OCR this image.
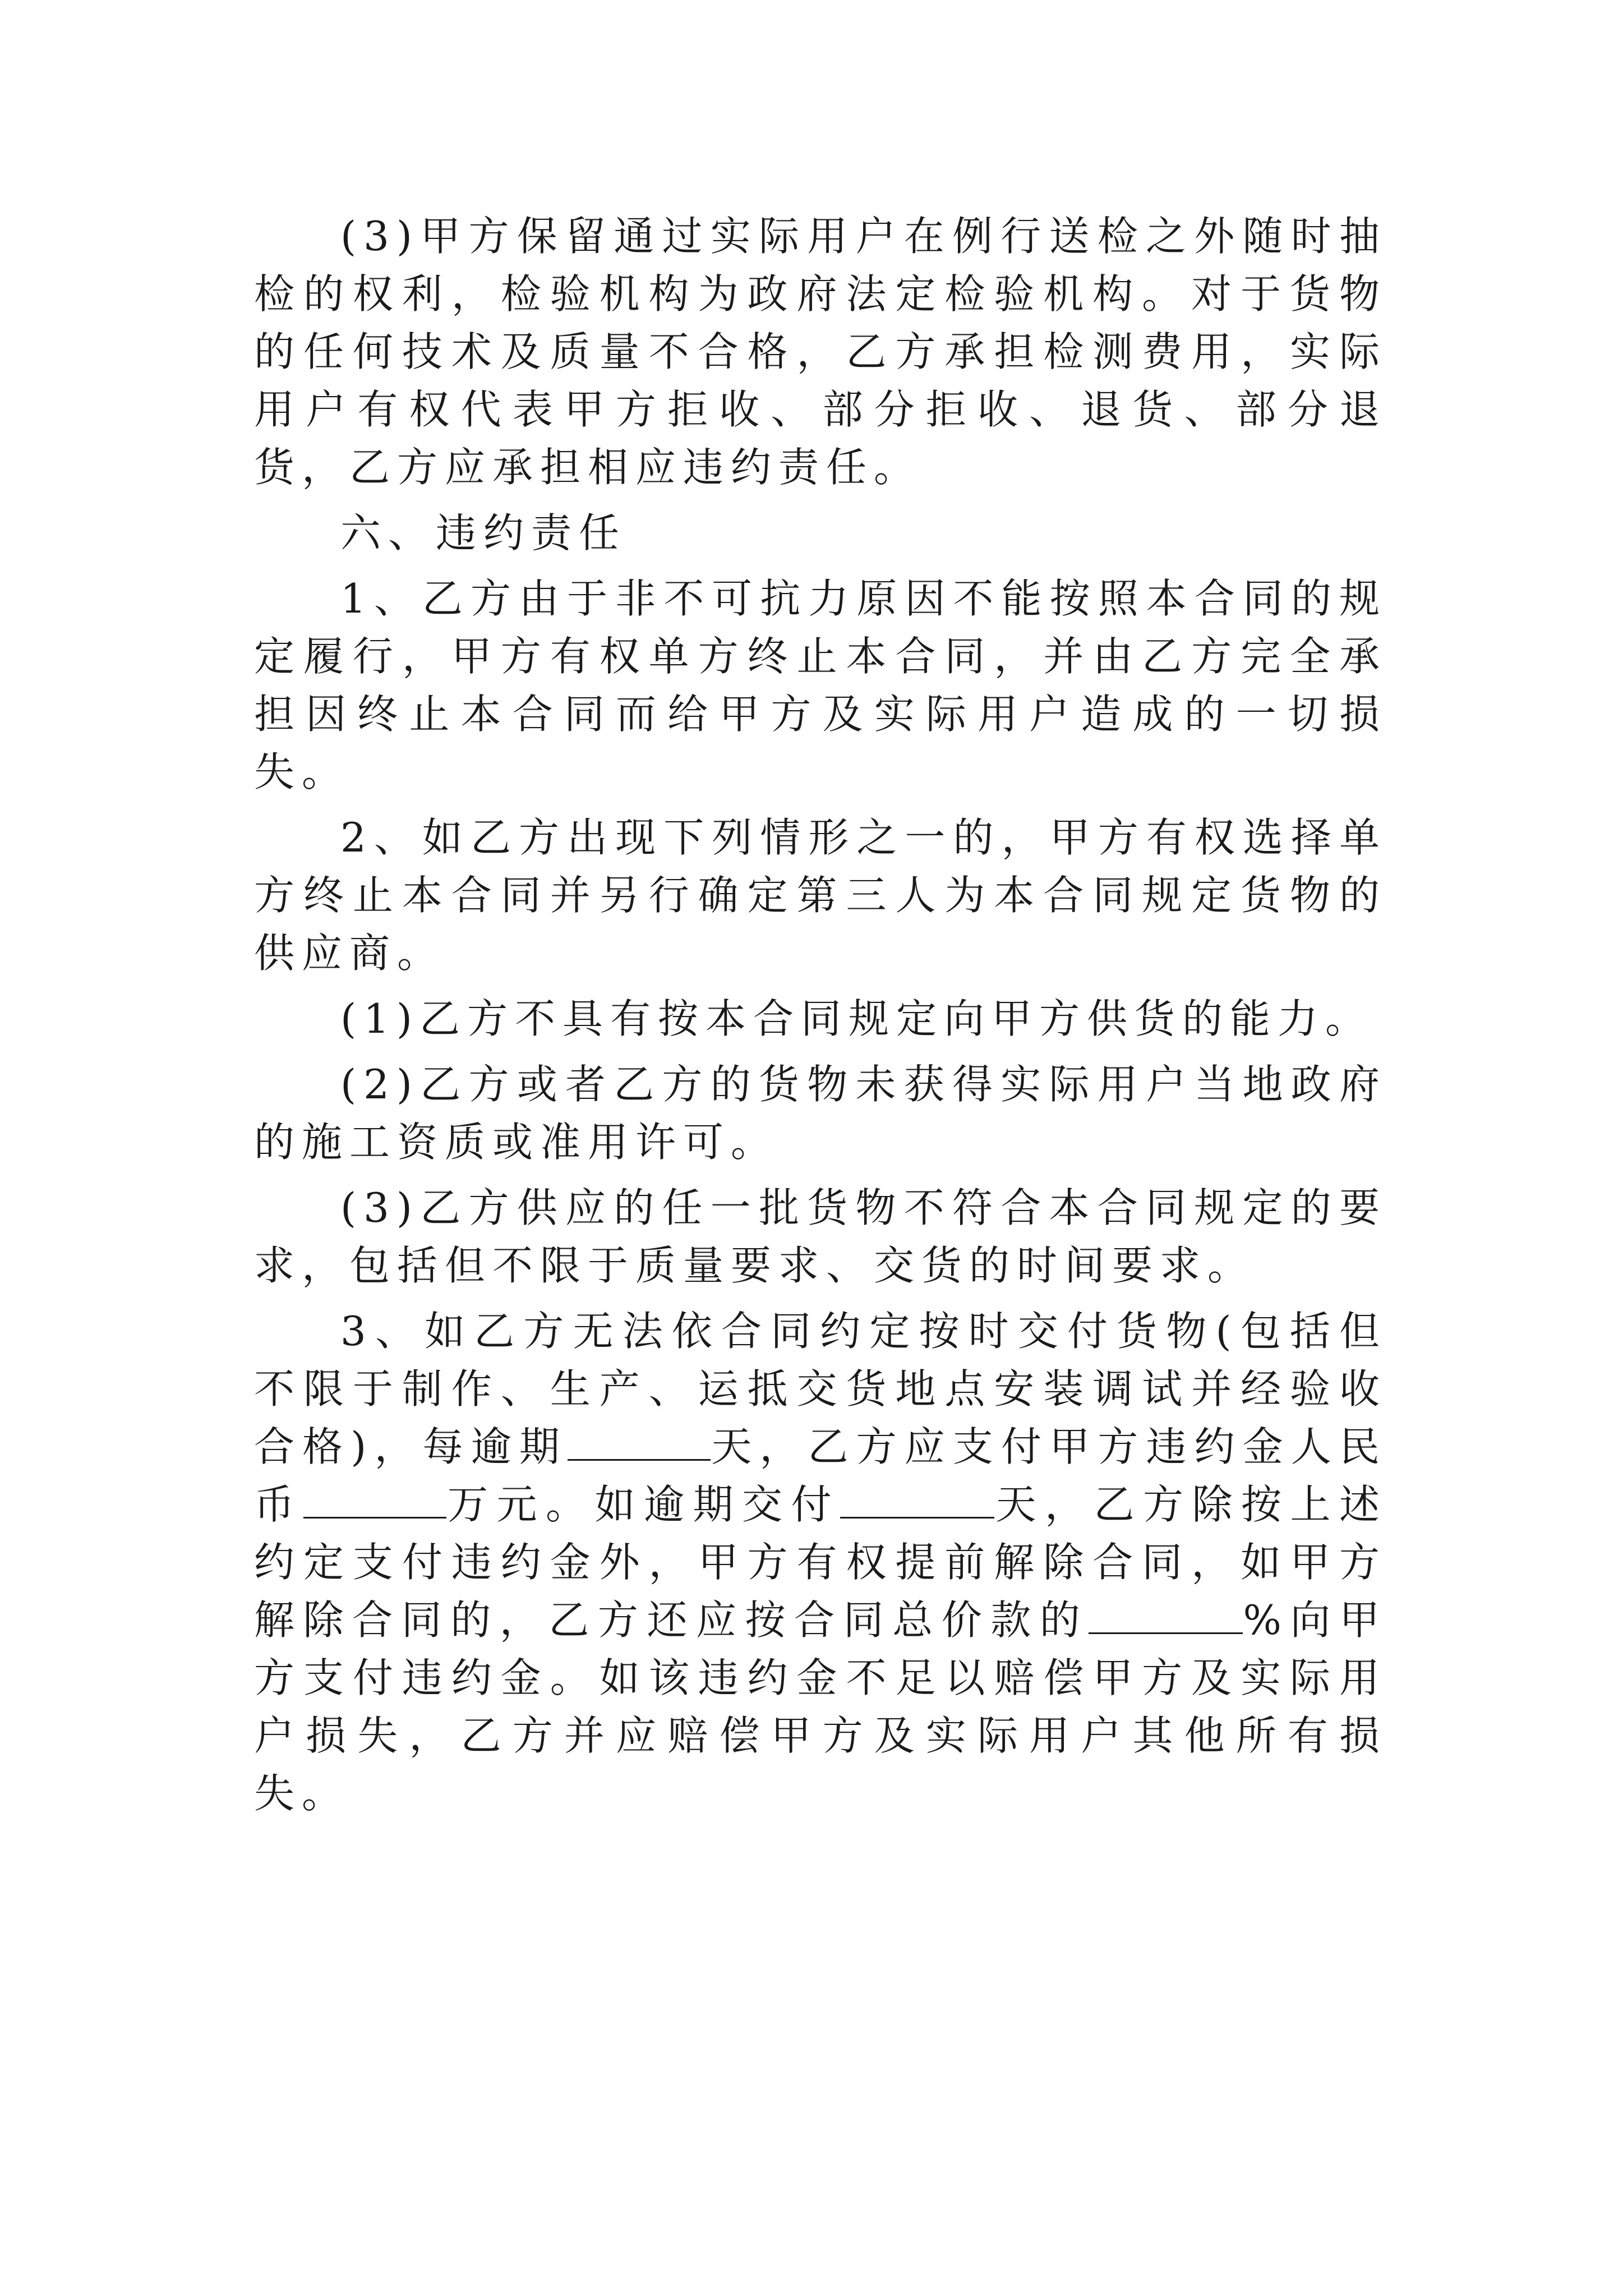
(3)甲方保留通过实际用户在例行送检之外随时抽检的权利，检验机构为政府法定检验机构。对于货物的任何技术及质量不合格，乙方承担检测费用，实际用户有权代表甲方拒收、部分拒收、退货、部分退货，乙方应承担相应违约责任。

六、违约责任

1、乙方由于非不可抗力原因不能按照本合同的规定履行，甲方有权单方终止本合同，并由乙方完全承担因终止本合同而给甲方及实际用户造成的一切损失。

2、如乙方出现下列情形之一的，甲方有权选择单方终止本合同并另行确定第三人为本合同规定货物的供应商。

(1)乙方不具有按本合同规定向甲方供货的能力。

(2)乙方或者乙方的货物未获得实际用户当地政府的施工资质或准用许可。

(3)乙方供应的任一批货物不符合本合同规定的要求，包括但不限于质量要求、交货的时间要求。

3、如乙方无法依合同约定按时交付货物(包括但不限于制作、生产、运抵交货地点安装调试并经验收合格)，每逾期	天，乙方应支付甲方违约金人民币	万元。如逾期交付	天，乙方除按上述约定支付违约金外，甲方有权提前解除合同，如甲方解除合同的，乙方还应按合同总价款的	%向甲方支付违约金。如该违约金不足以赔偿甲方及实际用户损失，乙方并应赔偿甲方及实际用户其他所有损失。
